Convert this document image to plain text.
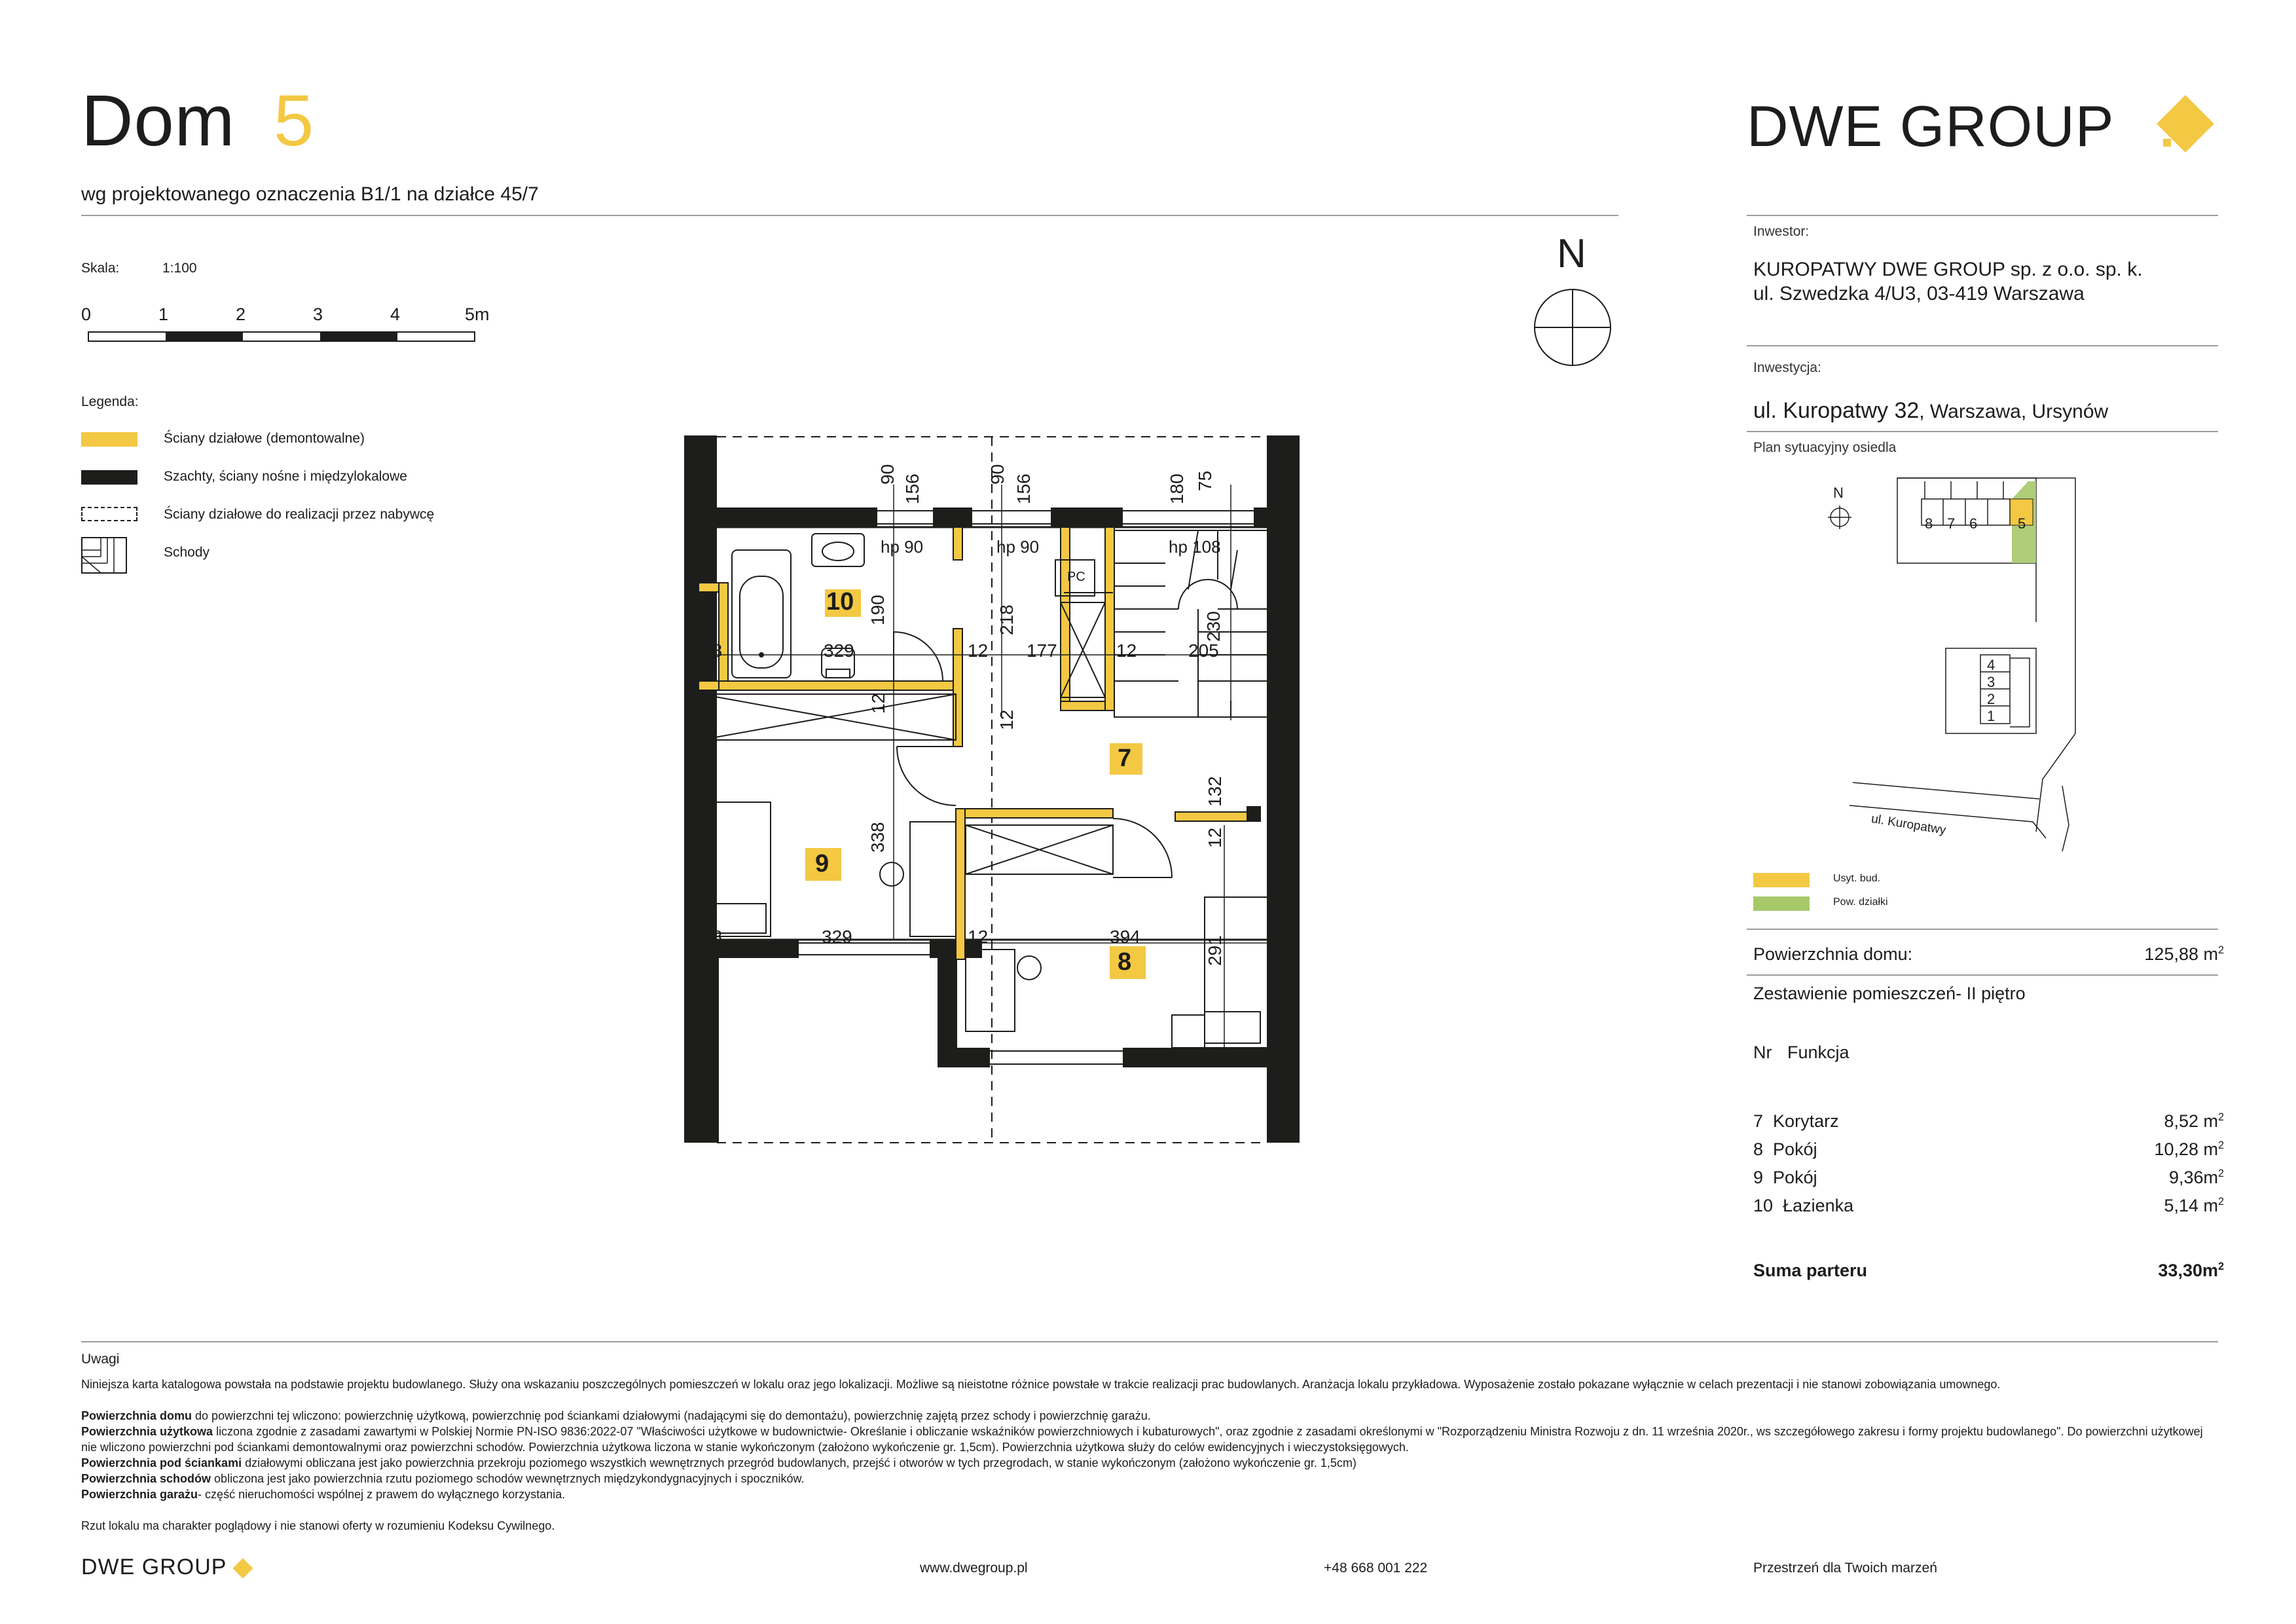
Dom 5
wg projektowanego oznaczenia B1/1 na działce 45/7
Skala:	1:100
0	1	2	3	4	5m
Legenda:
Ściany działowe (demontowalne)
Szachty, ściany nośne i międzylokalowe
Ściany działowe do realizacji przez nabywcę
Schody
N
10
7
9
8
hp 90	hp 90	hp 108
PC
18	329	12 177	12	205
18	329	12	394
90 156	90 156	180 75
190	218	230
12
12
338
132
12
291
DWE GROUP
Inwestor:
KUROPATWY DWE GROUP sp. z o.o. sp. k.
ul. Szwedzka 4/U3, 03-419 Warszawa
Inwestycja:
ul. Kuropatwy 32, Warszawa, Ursynów
Plan sytuacyjny osiedla
N
8 7 6	5
4
3
2
1
ul. Kuropatwy
Usyt. bud.
Pow. działki
Powierzchnia domu:	125,88 $m^2$
Zestawienie pomieszczeń- II piętro
Nr Funkcja
7 Korytarz	8,52 $m^2$
8 Pokój	10,28 $m^2$
9 Pokój	$9,36m^2$
10 Łazienka	5,14 $m^2$
Suma parteru	$33,30m^2$
Uwagi

Niniejsza karta katalogowa powstała na podstawie projektu budowlanego. Służy ona wskazaniu poszczególnych pomieszczeń w lokalu oraz jego lokalizacji. Możliwe są nieistotne różnice powstałe w trakcie realizacji prac budowlanych. Aranżacja lokalu przykładowa. Wyposażenie zostało pokazane wyłącznie w celach prezentacji i nie stanowi zobowiązania umownego.

Powierzchnia domu do powierzchni tej wliczono: powierzchnię użytkową, powierzchnię pod ściankami działowymi (nadającymi się do demontażu), powierzchnię zajętą przez schody i powierzchnię garażu.

Powierzchnia użytkowa liczona zgodnie z zasadami zawartymi w Polskiej Normie PN-ISO 9836:2022-07 "Właściwości użytkowe w budownictwie- Określanie i obliczanie wskaźników powierzchniowych i kubaturowych", oraz zgodnie z zasadami określonymi w "Rozporządzeniu Ministra Rozwoju z dn. 11 września 2020r., ws szczegółowego zakresu i formy projektu budowlanego". Do powierzchni użytkowej nie wliczono powierzchni pod ściankami demontowalnymi oraz powierzchni schodów. Powierzchnia użytkowa liczona w stanie wykończonym (założono wykończenie gr. 1,5cm). Powierzchnia użytkowa służy do celów ewidencyjnych i wieczystoksięgowych.

Powierzchnia pod ściankami działowymi obliczana jest jako powierzchnia przekroju poziomego wszystkich wewnętrznych przegród budowlanych, przejść i otworów w tych przegrodach, w stanie wykończonym (założono wykończenie gr. 1,5cm)

Powierzchnia schodów obliczona jest jako powierzchnia rzutu poziomego schodów wewnętrznych międzykondygnacyjnych i spoczników.

Powierzchnia garażu- część nieruchomości wspólnej z prawem do wyłącznego korzystania.

Rzut lokalu ma charakter poglądowy i nie stanowi oferty w rozumieniu Kodeksu Cywilnego.

DWE GROUP	www.dwegroup.pl	+48 668 001 222	Przestrzeń dla Twoich marzeń
